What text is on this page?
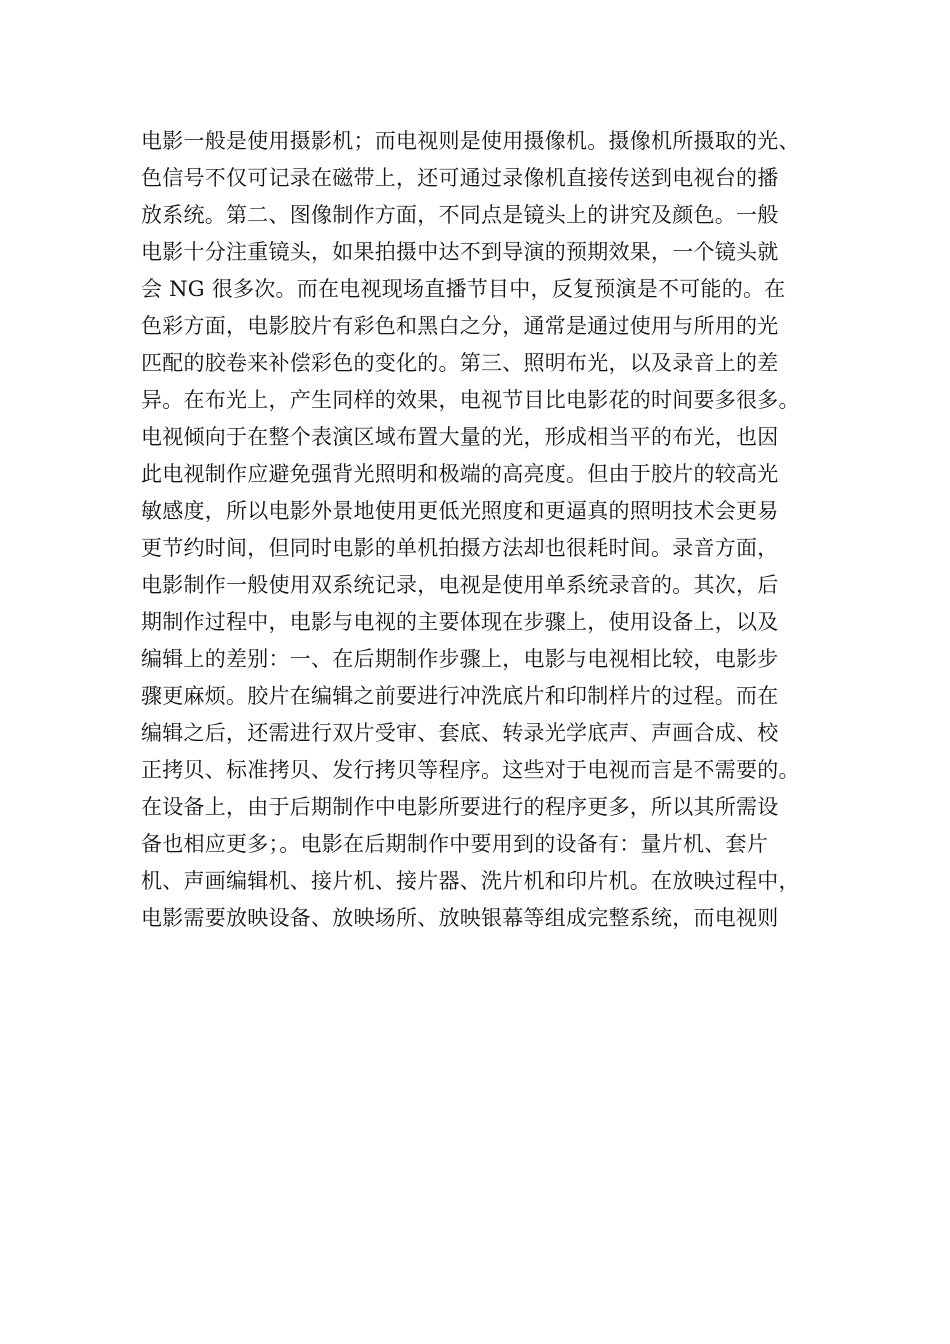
电影一般是使用摄影机；而电视则是使用摄像机。摄像机所摄取的光、
色信号不仅可记录在磁带上，还可通过录像机直接传送到电视台的播
放系统。第二、图像制作方面，不同点是镜头上的讲究及颜色。一般
电影十分注重镜头，如果拍摄中达不到导演的预期效果，一个镜头就
会 NG 很多次。而在电视现场直播节目中，反复预演是不可能的。在
色彩方面，电影胶片有彩色和黑白之分，通常是通过使用与所用的光
匹配的胶卷来补偿彩色的变化的。第三、照明布光，以及录音上的差
异。在布光上，产生同样的效果，电视节目比电影花的时间要多很多。
电视倾向于在整个表演区域布置大量的光，形成相当平的布光，也因
此电视制作应避免强背光照明和极端的高亮度。但由于胶片的较高光
敏感度，所以电影外景地使用更低光照度和更逼真的照明技术会更易
更节约时间，但同时电影的单机拍摄方法却也很耗时间。录音方面，
电影制作一般使用双系统记录，电视是使用单系统录音的。其次，后
期制作过程中，电影与电视的主要体现在步骤上，使用设备上，以及
编辑上的差别：一、在后期制作步骤上，电影与电视相比较，电影步
骤更麻烦。胶片在编辑之前要进行冲洗底片和印制样片的过程。而在
编辑之后，还需进行双片受审、套底、转录光学底声、声画合成、校
正拷贝、标准拷贝、发行拷贝等程序。这些对于电视而言是不需要的。
在设备上，由于后期制作中电影所要进行的程序更多，所以其所需设
备也相应更多；。电影在后期制作中要用到的设备有：量片机、套片
机、声画编辑机、接片机、接片器、洗片机和印片机。在放映过程中，
电影需要放映设备、放映场所、放映银幕等组成完整系统，而电视则
